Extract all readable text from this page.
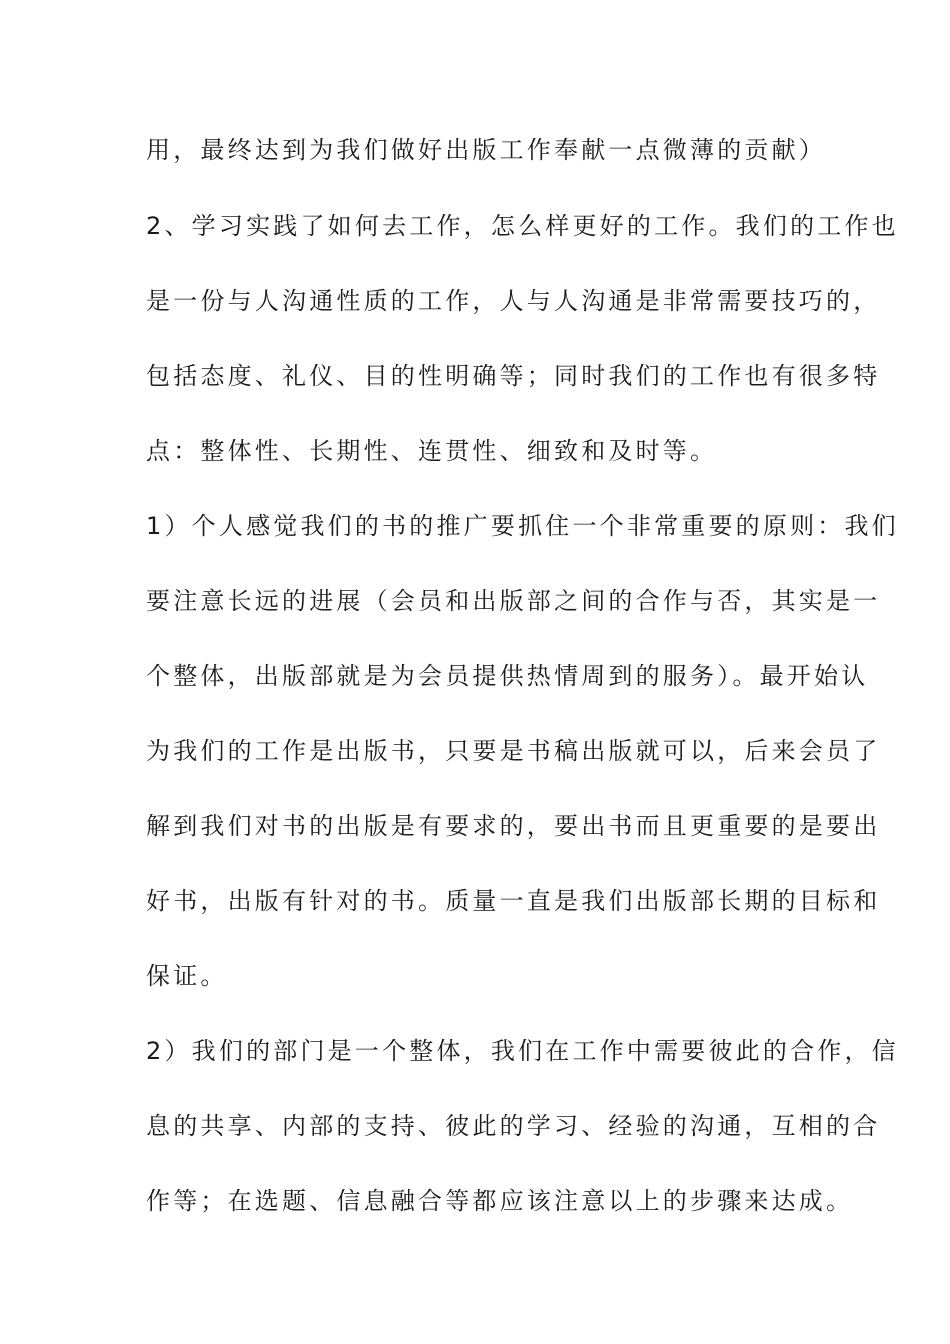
用，最终达到为我们做好出版工作奉献一点微薄的贡献）
2、学习实践了如何去工作，怎么样更好的工作。我们的工作也
是一份与人沟通性质的工作，人与人沟通是非常需要技巧的，
包括态度、礼仪、目的性明确等；同时我们的工作也有很多特
点：整体性、长期性、连贯性、细致和及时等。
1）个人感觉我们的书的推广要抓住一个非常重要的原则：我们
要注意长远的进展（会员和出版部之间的合作与否，其实是一
个整体，出版部就是为会员提供热情周到的服务）。最开始认
为我们的工作是出版书，只要是书稿出版就可以，后来会员了
解到我们对书的出版是有要求的，要出书而且更重要的是要出
好书，出版有针对的书。质量一直是我们出版部长期的目标和
保证。
2）我们的部门是一个整体，我们在工作中需要彼此的合作，信
息的共享、内部的支持、彼此的学习、经验的沟通，互相的合
作等；在选题、信息融合等都应该注意以上的步骤来达成。
